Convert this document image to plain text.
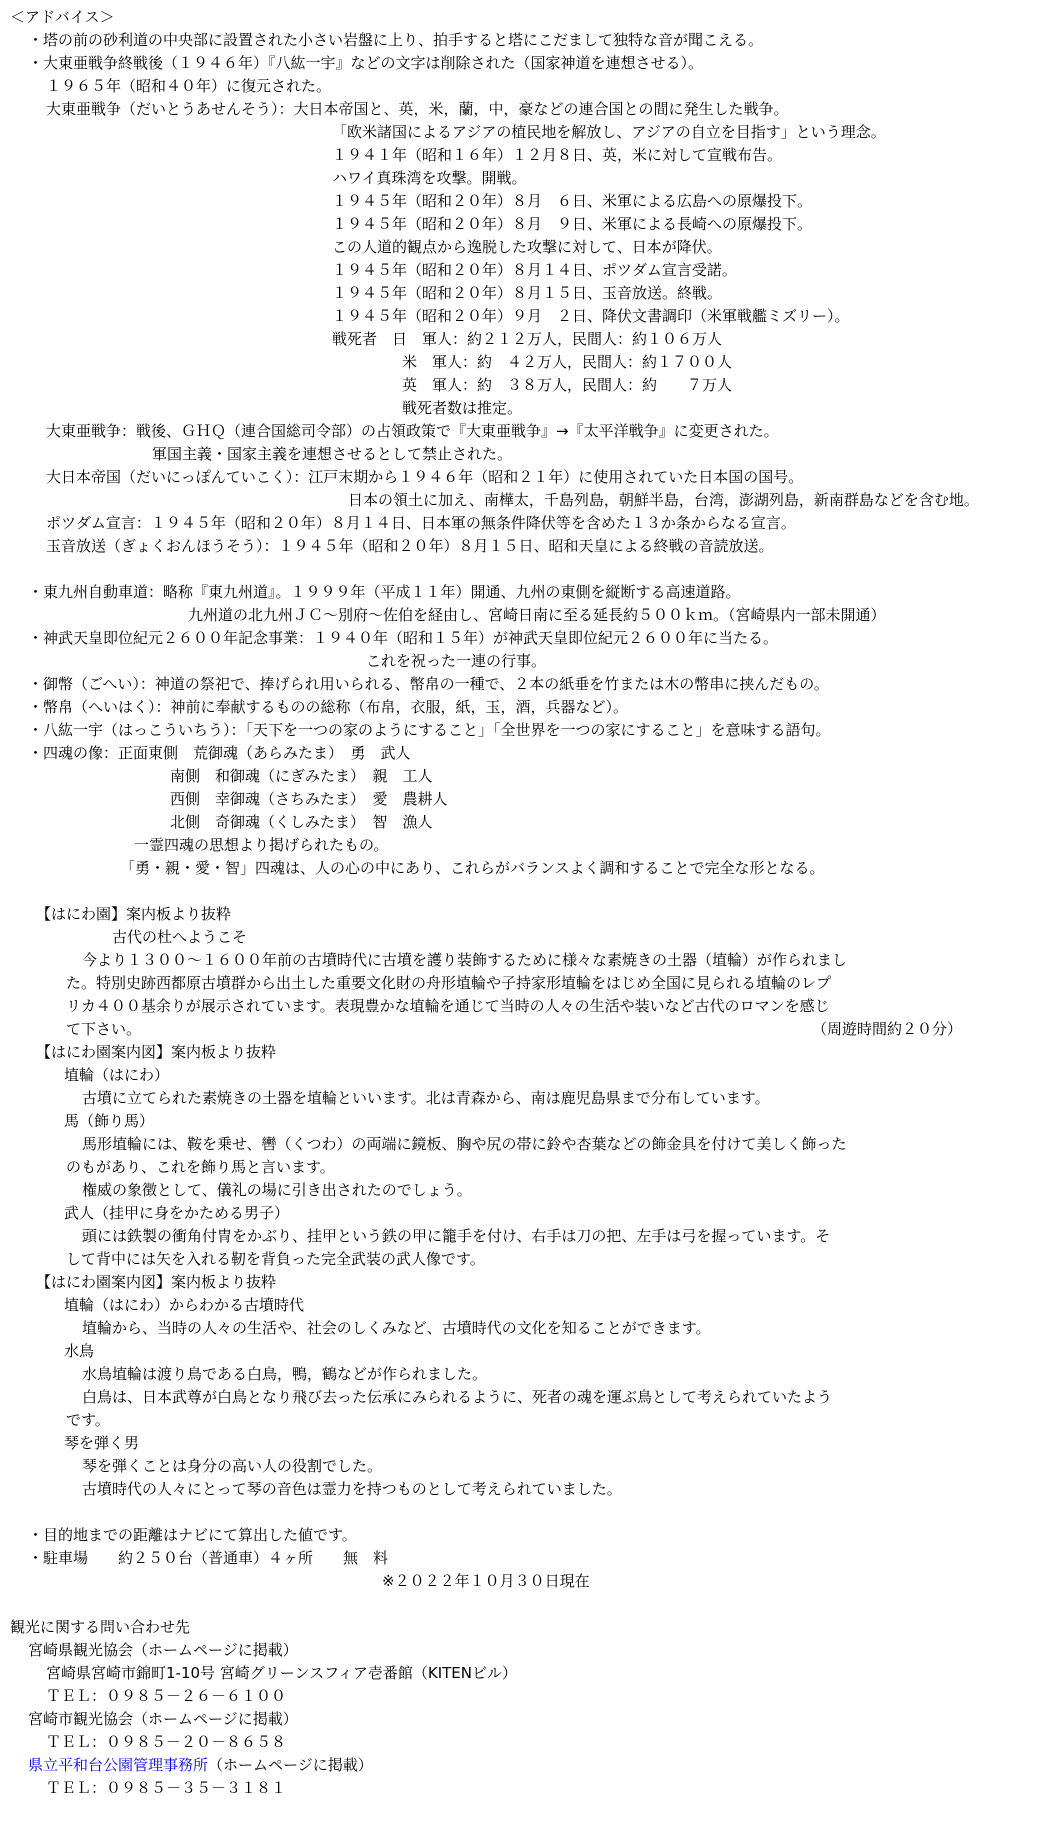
＜アドバイス＞
・塔の前の砂利道の中央部に設置された小さい岩盤に上り、拍手すると塔にこだまして独特な音が聞こえる。
・大東亜戦争終戦後（１９４６年）『八紘一宇』などの文字は削除された（国家神道を連想させる）。
１９６５年（昭和４０年）に復元された。
大東亜戦争（だいとうあせんそう）：大日本帝国と、英，米，蘭，中，豪などの連合国との間に発生した戦争。
「欧米諸国によるアジアの植民地を解放し、アジアの自立を目指す」という理念。
１９４１年（昭和１６年）１２月８日、英，米に対して宣戦布告。
ハワイ真珠湾を攻撃。開戦。
１９４５年（昭和２０年）８月　６日、米軍による広島への原爆投下。
１９４５年（昭和２０年）８月　９日、米軍による長崎への原爆投下。
この人道的観点から逸脱した攻撃に対して、日本が降伏。
１９４５年（昭和２０年）８月１４日、ポツダム宣言受諾。
１９４５年（昭和２０年）８月１５日、玉音放送。終戦。
１９４５年（昭和２０年）９月　２日、降伏文書調印（米軍戦艦ミズリー）。
戦死者　日　軍人：約２１２万人，民間人：約１０６万人
米　軍人：約　４２万人，民間人：約１７００人
英　軍人：約　３８万人，民間人：約　　７万人
戦死者数は推定。
大東亜戦争：戦後、ＧＨＱ（連合国総司令部）の占領政策で『大東亜戦争』→『太平洋戦争』に変更された。
軍国主義・国家主義を連想させるとして禁止された。
大日本帝国（だいにっぽんていこく）：江戸末期から１９４６年（昭和２１年）に使用されていた日本国の国号。
日本の領土に加え、南樺太，千島列島，朝鮮半島，台湾，澎湖列島，新南群島などを含む地。
ポツダム宣言：１９４５年（昭和２０年）８月１４日、日本軍の無条件降伏等を含めた１３か条からなる宣言。
玉音放送（ぎょくおんほうそう）：１９４５年（昭和２０年）８月１５日、昭和天皇による終戦の音読放送。
・東九州自動車道：略称『東九州道』。１９９９年（平成１１年）開通、九州の東側を縦断する高速道路。
九州道の北九州ＪＣ～別府～佐伯を経由し、宮崎日南に至る延長約５００ｋｍ。（宮崎県内一部未開通）
・神武天皇即位紀元２６００年記念事業：１９４０年（昭和１５年）が神武天皇即位紀元２６００年に当たる。
これを祝った一連の行事。
・御幣（ごへい）：神道の祭祀で、捧げられ用いられる、幣帛の一種で、２本の紙垂を竹または木の幣串に挟んだもの。
・幣帛（へいはく）：神前に奉献するものの総称（布帛，衣服，紙，玉，酒，兵器など）。
・八紘一宇（はっこういちう）：「天下を一つの家のようにすること」「全世界を一つの家にすること」を意味する語句。
・四魂の像：正面東側　荒御魂（あらみたま）　勇　武人
南側　和御魂（にぎみたま）　親　工人
西側　幸御魂（さちみたま）　愛　農耕人
北側　奇御魂（くしみたま）　智　漁人
一霊四魂の思想より掲げられたもの。
「勇・親・愛・智」四魂は、人の心の中にあり、これらがバランスよく調和することで完全な形となる。
【はにわ園】案内板より抜粋
古代の杜へようこそ
今より１３００～１６００年前の古墳時代に古墳を護り装飾するために様々な素焼きの土器（埴輪）が作られまし
た。特別史跡西都原古墳群から出土した重要文化財の舟形埴輪や子持家形埴輪をはじめ全国に見られる埴輪のレプ
リカ４００基余りが展示されています。表現豊かな埴輪を通じて当時の人々の生活や装いなど古代のロマンを感じ
て下さい。	（周遊時間約２０分）
【はにわ園案内図】案内板より抜粋
埴輪（はにわ）
古墳に立てられた素焼きの土器を埴輪といいます。北は青森から、南は鹿児島県まで分布しています。
馬（飾り馬）
馬形埴輪には、鞍を乗せ、轡（くつわ）の両端に鏡板、胸や尻の帯に鈴や杏葉などの飾金具を付けて美しく飾った
のもがあり、これを飾り馬と言います。
権威の象徴として、儀礼の場に引き出されたのでしょう。
武人（挂甲に身をかためる男子）
頭には鉄製の衝角付冑をかぶり、挂甲という鉄の甲に籠手を付け、右手は刀の把、左手は弓を握っています。そ
して背中には矢を入れる靭を背負った完全武装の武人像です。
【はにわ園案内図】案内板より抜粋
埴輪（はにわ）からわかる古墳時代
埴輪から、当時の人々の生活や、社会のしくみなど、古墳時代の文化を知ることができます。
水鳥
水鳥埴輪は渡り鳥である白鳥，鴨，鶴などが作られました。
白鳥は、日本武尊が白鳥となり飛び去った伝承にみられるように、死者の魂を運ぶ鳥として考えられていたよう
です。
琴を弾く男
琴を弾くことは身分の高い人の役割でした。
古墳時代の人々にとって琴の音色は霊力を持つものとして考えられていました。
・目的地までの距離はナビにて算出した値です。
・駐車場　　約２５０台（普通車）４ヶ所　　無　料
※２０２２年１０月３０日現在
観光に関する問い合わせ先
宮崎県観光協会（ホームページに掲載）
宮崎県宮崎市錦町1-10号 宮崎グリーンスフィア壱番館（KITENビル）
ＴＥＬ：０９８５－２６－６１００
宮崎市観光協会（ホームページに掲載）
ＴＥＬ：０９８５－２０－８６５８
県立平和台公園管理事務所（ホームページに掲載）
ＴＥＬ：０９８５－３５－３１８１
